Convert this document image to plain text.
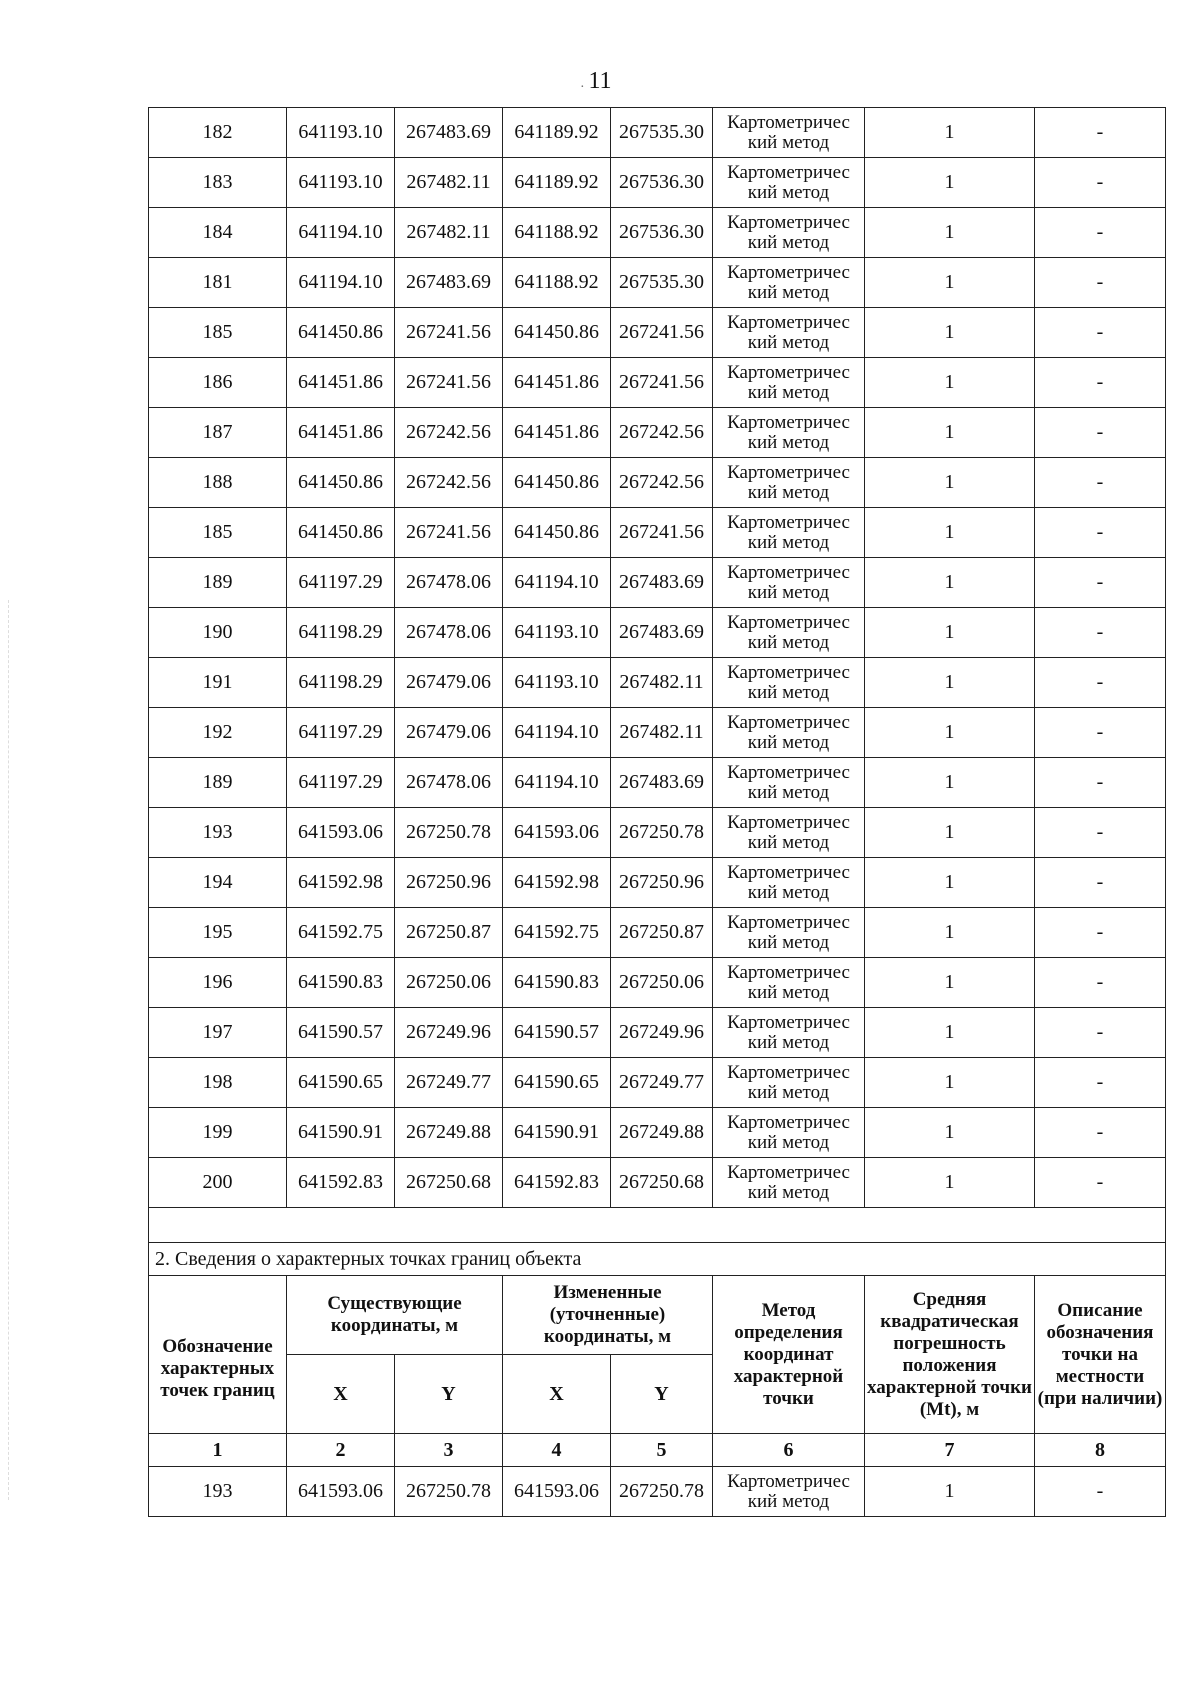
· 11
182	641193.10	267483.69	641189.92	267535.30	Картометричес кий метод	1	-
183	641193.10	267482.11	641189.92	267536.30	Картометричес кий метод	1	-
184	641194.10	267482.11	641188.92	267536.30	Картометричес кий метод	1	-
181	641194.10	267483.69	641188.92	267535.30	Картометричес кий метод	1	-
185	641450.86	267241.56	641450.86	267241.56	Картометричес кий метод	1	-
186	641451.86	267241.56	641451.86	267241.56	Картометричес кий метод	1	-
187	641451.86	267242.56	641451.86	267242.56	Картометричес кий метод	1	-
188	641450.86	267242.56	641450.86	267242.56	Картометричес кий метод	1	-
185	641450.86	267241.56	641450.86	267241.56	Картометричес кий метод	1	-
189	641197.29	267478.06	641194.10	267483.69	Картометричес кий метод	1	-
190	641198.29	267478.06	641193.10	267483.69	Картометричес кий метод	1	-
191	641198.29	267479.06	641193.10	267482.11	Картометричес кий метод	1	-
192	641197.29	267479.06	641194.10	267482.11	Картометричес кий метод	1	-
189	641197.29	267478.06	641194.10	267483.69	Картометричес кий метод	1	-
193	641593.06	267250.78	641593.06	267250.78	Картометричес кий метод	1	-
194	641592.98	267250.96	641592.98	267250.96	Картометричес кий метод	1	-
195	641592.75	267250.87	641592.75	267250.87	Картометричес кий метод	1	-
196	641590.83	267250.06	641590.83	267250.06	Картометричес кий метод	1	-
197	641590.57	267249.96	641590.57	267249.96	Картометричес кий метод	1	-
198	641590.65	267249.77	641590.65	267249.77	Картометричес кий метод	1	-
199	641590.91	267249.88	641590.91	267249.88	Картометричес кий метод	1	-
200	641592.83	267250.68	641592.83	267250.68	Картометричес кий метод	1	-

2. Сведения о характерных точках границ объекта							
Обозначение характерных точек границ	Существующие координаты, м		Измененные (уточненные) координаты, м		Метод определения координат характерной точки	Средняя квадратическая погрешность положения характерной точки (Mt), м	Описание обозначения точки на местности (при наличии)
	X	Y	X	Y			
1	2	3	4	5	6	7	8
193	641593.06	267250.78	641593.06	267250.78	Картометричес кий метод	1	-
